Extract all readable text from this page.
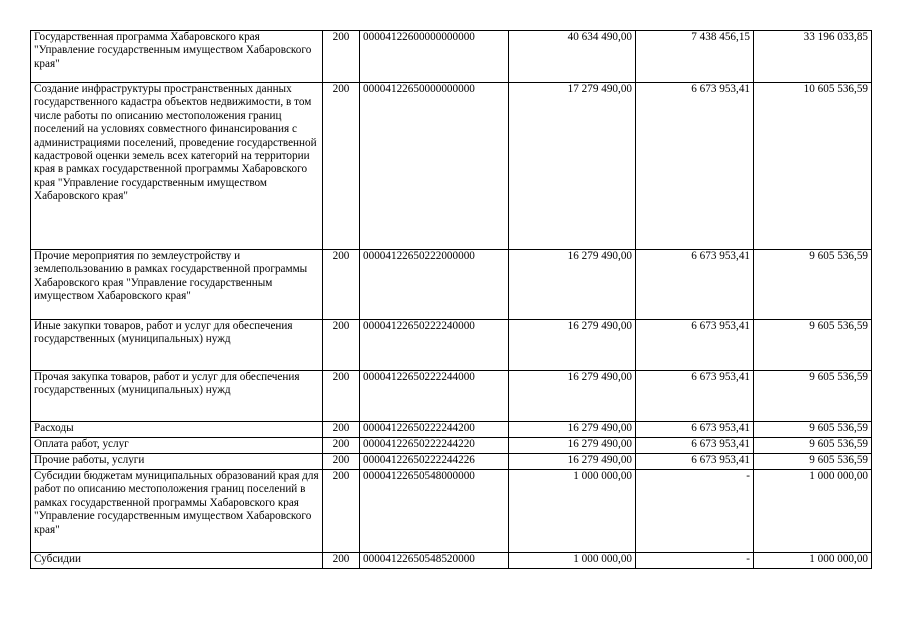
Государственная программа Хабаровского края "Управление государственным имуществом Хабаровского края"	200	00004122600000000000	40 634 490,00	7 438 456,15	33 196 033,85
Создание инфраструктуры пространственных данных государственного кадастра объектов недвижимости, в том числе работы по описанию местоположения границ поселений на условиях совместного финансирования с администрациями поселений, проведение государственной кадастровой оценки земель всех категорий на территории края в рамках государственной программы Хабаровского края "Управление государственным имуществом Хабаровского края"	200	00004122650000000000	17 279 490,00	6 673 953,41	10 605 536,59
Прочие мероприятия по землеустройству и землепользованию в рамках государственной программы Хабаровского края "Управление государственным имуществом Хабаровского края"	200	00004122650222000000	16 279 490,00	6 673 953,41	9 605 536,59
Иные закупки товаров, работ и услуг для обеспечения государственных (муниципальных) нужд	200	00004122650222240000	16 279 490,00	6 673 953,41	9 605 536,59
Прочая закупка товаров, работ и услуг для обеспечения государственных (муниципальных) нужд	200	00004122650222244000	16 279 490,00	6 673 953,41	9 605 536,59
Расходы	200	00004122650222244200	16 279 490,00	6 673 953,41	9 605 536,59
Оплата работ, услуг	200	00004122650222244220	16 279 490,00	6 673 953,41	9 605 536,59
Прочие работы, услуги	200	00004122650222244226	16 279 490,00	6 673 953,41	9 605 536,59
Субсидии бюджетам муниципальных образований края для работ по описанию местоположения границ поселений в рамках государственной программы Хабаровского края "Управление государственным имуществом Хабаровского края"	200	00004122650548000000	1 000 000,00	-	1 000 000,00
Субсидии	200	00004122650548520000	1 000 000,00	-	1 000 000,00
